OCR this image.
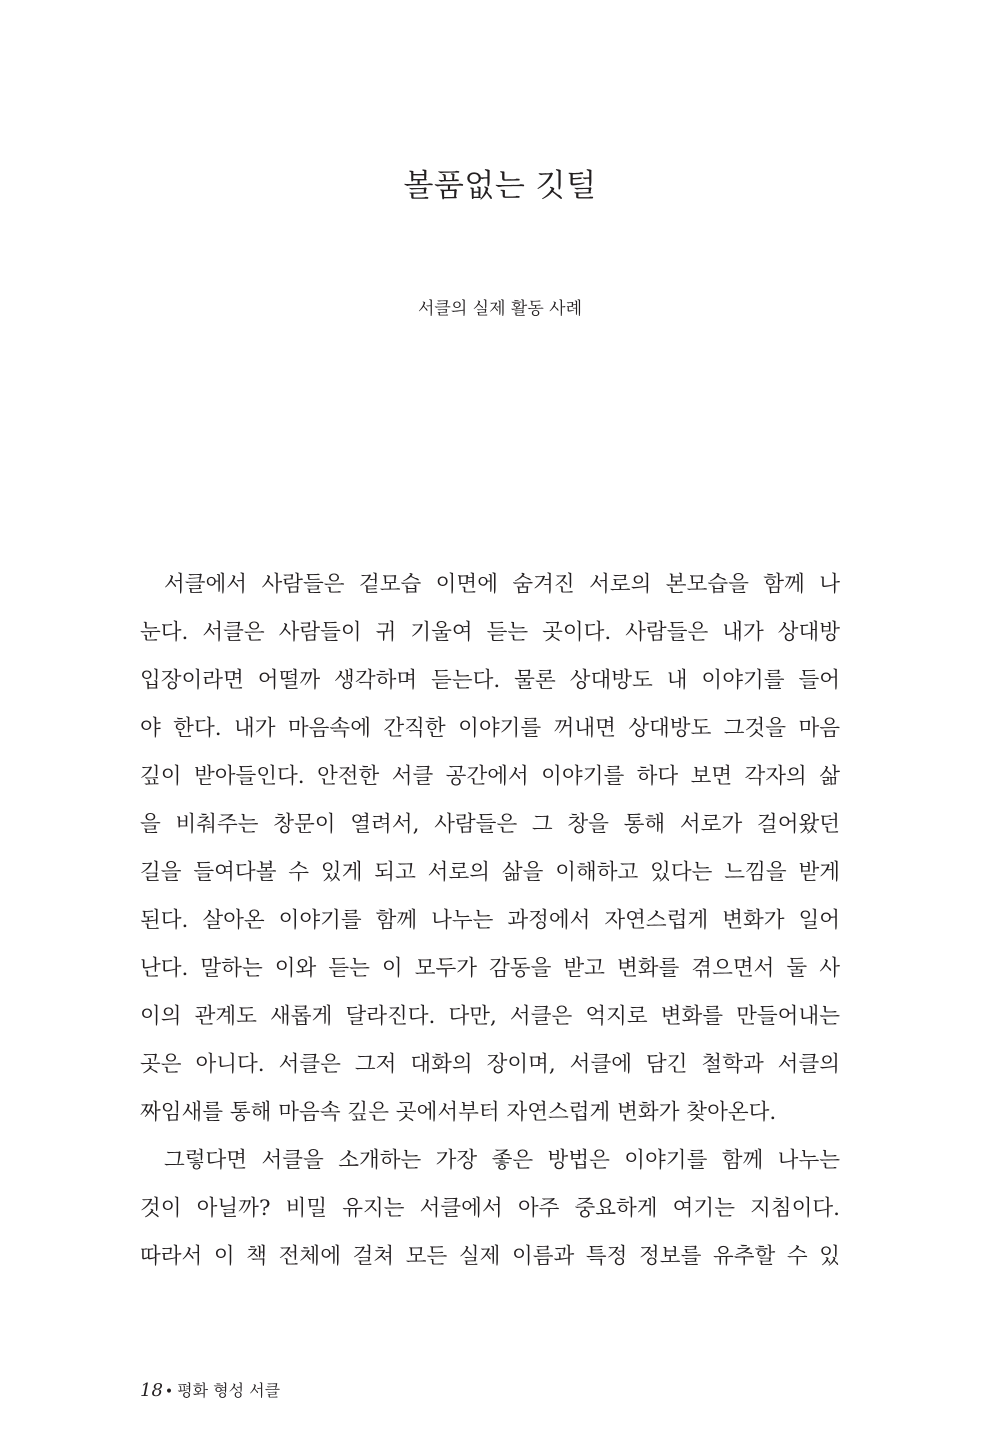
볼품없는 깃털
서클의 실제 활동 사례
서클에서 사람들은 겉모습 이면에 숨겨진 서로의 본모습을 함께 나
눈다. 서클은 사람들이 귀 기울여 듣는 곳이다. 사람들은 내가 상대방
입장이라면 어떨까 생각하며 듣는다. 물론 상대방도 내 이야기를 들어
야 한다. 내가 마음속에 간직한 이야기를 꺼내면 상대방도 그것을 마음
깊이 받아들인다. 안전한 서클 공간에서 이야기를 하다 보면 각자의 삶
을 비춰주는 창문이 열려서, 사람들은 그 창을 통해 서로가 걸어왔던
길을 들여다볼 수 있게 되고 서로의 삶을 이해하고 있다는 느낌을 받게
된다. 살아온 이야기를 함께 나누는 과정에서 자연스럽게 변화가 일어
난다. 말하는 이와 듣는 이 모두가 감동을 받고 변화를 겪으면서 둘 사
이의 관계도 새롭게 달라진다. 다만, 서클은 억지로 변화를 만들어내는
곳은 아니다. 서클은 그저 대화의 장이며, 서클에 담긴 철학과 서클의
짜임새를 통해 마음속 깊은 곳에서부터 자연스럽게 변화가 찾아온다.
그렇다면 서클을 소개하는 가장 좋은 방법은 이야기를 함께 나누는
것이 아닐까? 비밀 유지는 서클에서 아주 중요하게 여기는 지침이다.
따라서 이 책 전체에 걸쳐 모든 실제 이름과 특정 정보를 유추할 수 있
18 • 평화 형성 서클
